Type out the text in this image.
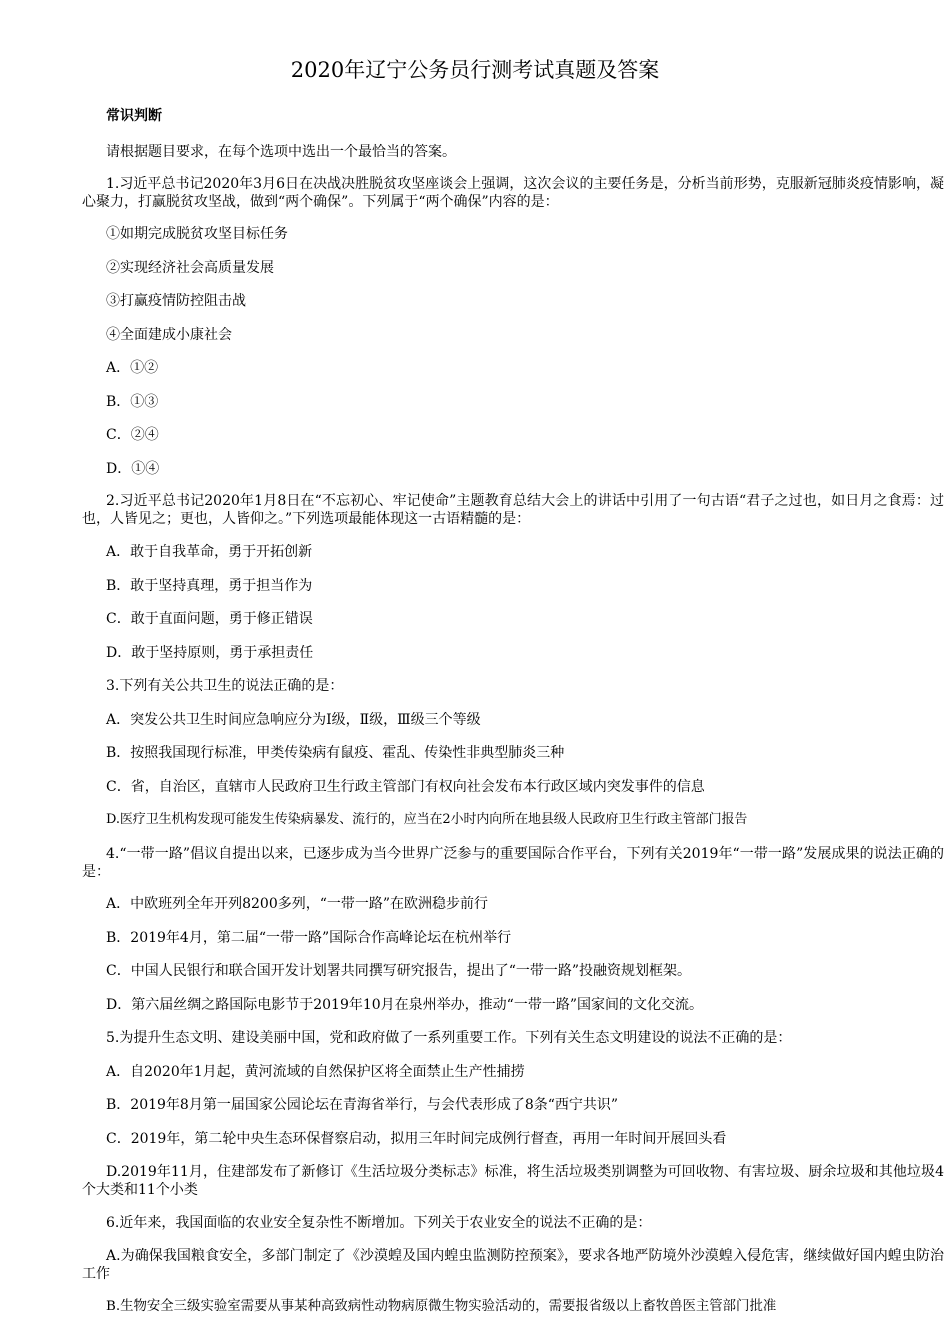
2020年辽宁公务员行测考试真题及答案
常识判断
请根据题目要求，在每个选项中选出一个最恰当的答案。
1.习近平总书记2020年3月6日在决战决胜脱贫攻坚座谈会上强调，这次会议的主要任务是，分析当前形势，克服新冠肺炎疫情影响，凝心聚力，打赢脱贫攻坚战，做到“两个确保”。下列属于“两个确保”内容的是：
①如期完成脱贫攻坚目标任务
②实现经济社会高质量发展
③打赢疫情防控阻击战
④全面建成小康社会
A．①②
B．①③
C．②④
D．①④
2.习近平总书记2020年1月8日在“不忘初心、牢记使命”主题教育总结大会上的讲话中引用了一句古语“君子之过也，如日月之食焉：过也，人皆见之；更也，人皆仰之。”下列选项最能体现这一古语精髓的是：
A．敢于自我革命，勇于开拓创新
B．敢于坚持真理，勇于担当作为
C．敢于直面问题，勇于修正错误
D．敢于坚持原则，勇于承担责任
3.下列有关公共卫生的说法正确的是：
A．突发公共卫生时间应急响应分为Ⅰ级，Ⅱ级，Ⅲ级三个等级
B．按照我国现行标准，甲类传染病有鼠疫、霍乱、传染性非典型肺炎三种
C．省，自治区，直辖市人民政府卫生行政主管部门有权向社会发布本行政区域内突发事件的信息
D.医疗卫生机构发现可能发生传染病暴发、流行的，应当在2小时内向所在地县级人民政府卫生行政主管部门报告
4.“一带一路”倡议自提出以来，已逐步成为当今世界广泛参与的重要国际合作平台，下列有关2019年“一带一路”发展成果的说法正确的是：
A．中欧班列全年开列8200多列，“一带一路”在欧洲稳步前行
B．2019年4月，第二届“一带一路”国际合作高峰论坛在杭州举行
C．中国人民银行和联合国开发计划署共同撰写研究报告，提出了“一带一路”投融资规划框架。
D．第六届丝绸之路国际电影节于2019年10月在泉州举办，推动“一带一路”国家间的文化交流。
5.为提升生态文明、建设美丽中国，党和政府做了一系列重要工作。下列有关生态文明建设的说法不正确的是：
A．自2020年1月起，黄河流域的自然保护区将全面禁止生产性捕捞
B．2019年8月第一届国家公园论坛在青海省举行，与会代表形成了8条“西宁共识”
C．2019年，第二轮中央生态环保督察启动，拟用三年时间完成例行督查，再用一年时间开展回头看
D.2019年11月，住建部发布了新修订《生活垃圾分类标志》标准，将生活垃圾类别调整为可回收物、有害垃圾、厨余垃圾和其他垃圾4个大类和11个小类
6.近年来，我国面临的农业安全复杂性不断增加。下列关于农业安全的说法不正确的是：
A.为确保我国粮食安全，多部门制定了《沙漠蝗及国内蝗虫监测防控预案》，要求各地严防境外沙漠蝗入侵危害，继续做好国内蝗虫防治工作
B.生物安全三级实验室需要从事某种高致病性动物病原微生物实验活动的，需要报省级以上畜牧兽医主管部门批准
